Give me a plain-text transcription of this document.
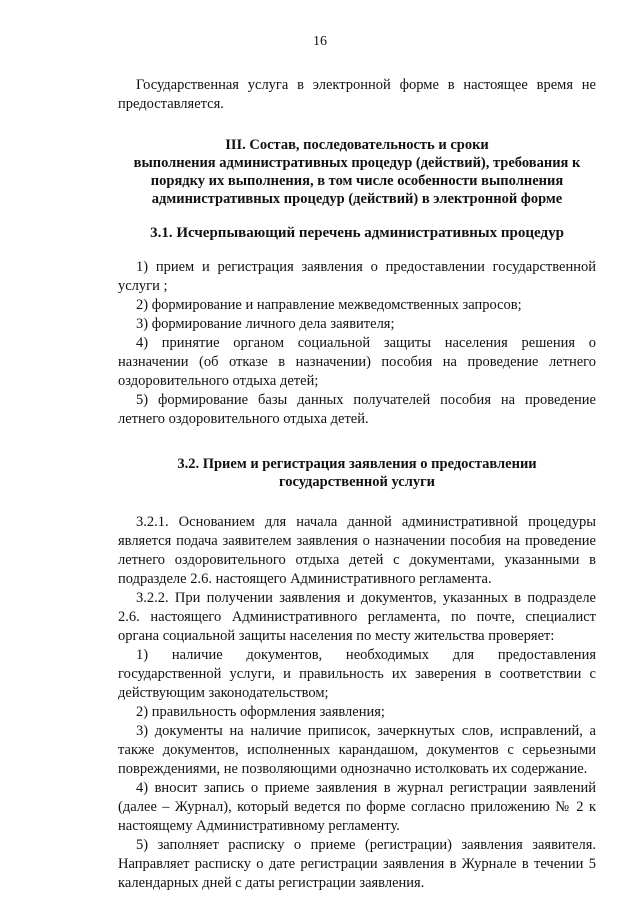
16

Государственная услуга в электронной форме в настоящее время не предоставляется.

III. Состав, последовательность и сроки
выполнения административных процедур (действий), требования к
порядку их выполнения, в том числе особенности выполнения
административных процедур (действий) в электронной форме
3.1. Исчерпывающий перечень административных процедур

1) прием и регистрация заявления о предоставлении государственной услуги ;

2) формирование и направление межведомственных запросов;

3) формирование личного дела заявителя;

4) принятие органом социальной защиты населения решения о назначении (об отказе в назначении) пособия на проведение летнего оздоровительного отдыха детей;

5) формирование базы данных получателей пособия на проведение летнего оздоровительного отдыха детей.

3.2. Прием и регистрация заявления о предоставлении
государственной услуги

3.2.1. Основанием для начала данной административной процедуры является подача заявителем заявления о назначении пособия на проведение летнего оздоровительного отдыха детей с документами, указанными в подразделе 2.6. настоящего Административного регламента.

3.2.2. При получении заявления и документов, указанных в подразделе 2.6. настоящего Административного регламента, по почте, специалист органа социальной защиты населения по месту жительства проверяет:

1) наличие документов, необходимых для предоставления государственной услуги, и правильность их заверения в соответствии с действующим законодательством;

2) правильность оформления заявления;

3) документы на наличие приписок, зачеркнутых слов, исправлений, а также документов, исполненных карандашом, документов с серьезными повреждениями, не позволяющими однозначно истолковать их содержание.

4) вносит запись о приеме заявления в журнал регистрации заявлений (далее – Журнал), который ведется по форме согласно приложению № 2 к настоящему Административному регламенту.

5) заполняет расписку о приеме (регистрации) заявления заявителя. Направляет расписку о дате регистрации заявления в Журнале в течении 5 календарных дней с даты регистрации заявления.
